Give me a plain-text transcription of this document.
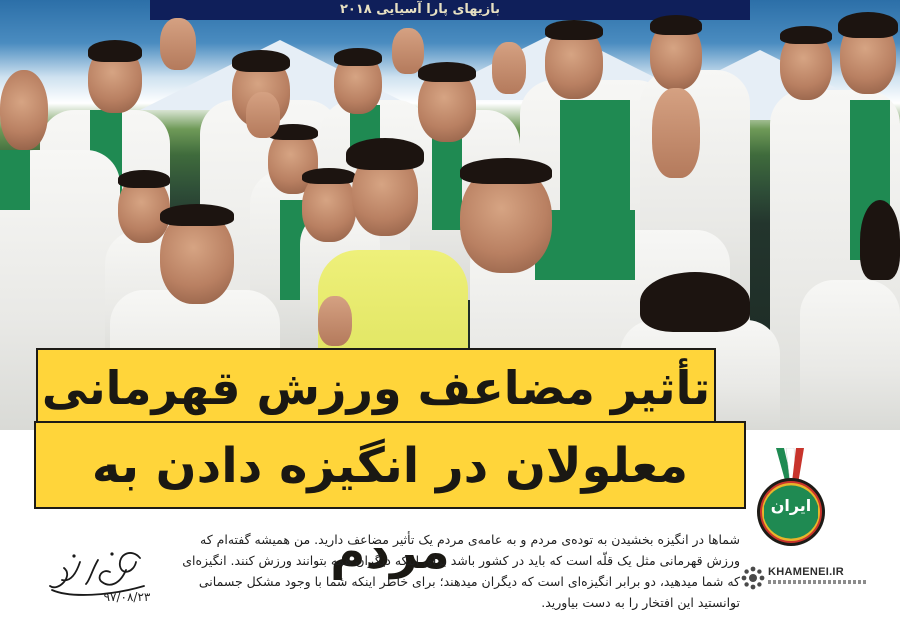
بازیهای پارا آسیایی ۲۰۱۸
تأثیر مضاعف ورزش قهرمانی
معلولان در انگیزه دادن به مردم
ایران
شماها در انگیزه بخشیدن به توده‌ی مردم و به عامه‌ی مردم یک تأثیر مضاعف دارید. من همیشه گفته‌ام که ورزش قهرمانی مثل یک قلّه است که باید در کشور باشد برای اینکه دیگران همه بتوانند ورزش کنند. انگیزه‌ای که شما میدهید، دو برابر انگیزه‌ای است که دیگران میدهند؛ برای خاطر اینکه شما با وجود مشکل جسمانی توانستید این افتخار را به دست بیاورید.
۹۷/۰۸/۲۳
KHAMENEI.IR
